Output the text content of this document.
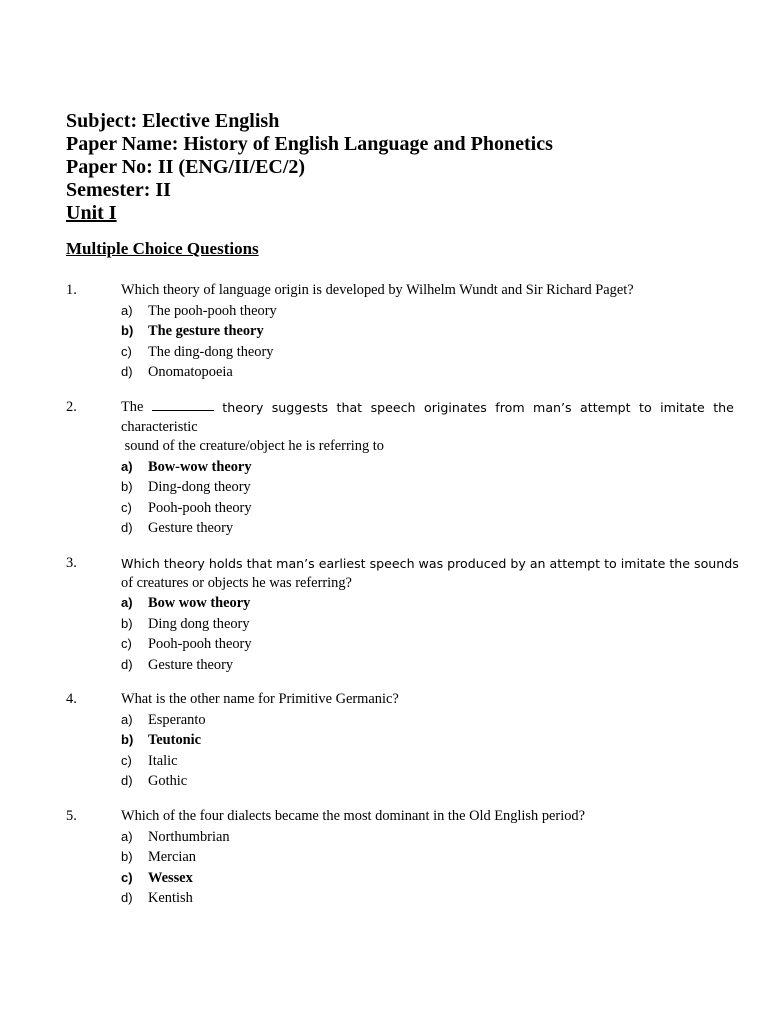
Subject: Elective English
Paper Name: History of English Language and Phonetics
Paper No: II (ENG/II/EC/2)
Semester: II
Unit I
Multiple Choice Questions
1.	Which theory of language origin is developed by Wilhelm Wundt and Sir Richard Paget?
a)	The pooh-pooh theory
b)	The gesture theory
c)	The ding-dong theory
d)	Onomatopoeia
2.	The	theory suggests that speech originates from man’s attempt to imitate the
characteristic
sound of the creature/object he is referring to
a)	Bow-wow theory
b)	Ding-dong theory
c)	Pooh-pooh theory
d)	Gesture theory
3.	Which theory holds that man’s earliest speech was produced by an attempt to imitate the sounds
of creatures or objects he was referring?
a)	Bow wow theory
b)	Ding dong theory
c)	Pooh-pooh theory
d)	Gesture theory
4.	What is the other name for Primitive Germanic?
a)	Esperanto
b)	Teutonic
c)	Italic
d)	Gothic
5.	Which of the four dialects became the most dominant in the Old English period?
a)	Northumbrian
b)	Mercian
c)	Wessex
d)	Kentish
